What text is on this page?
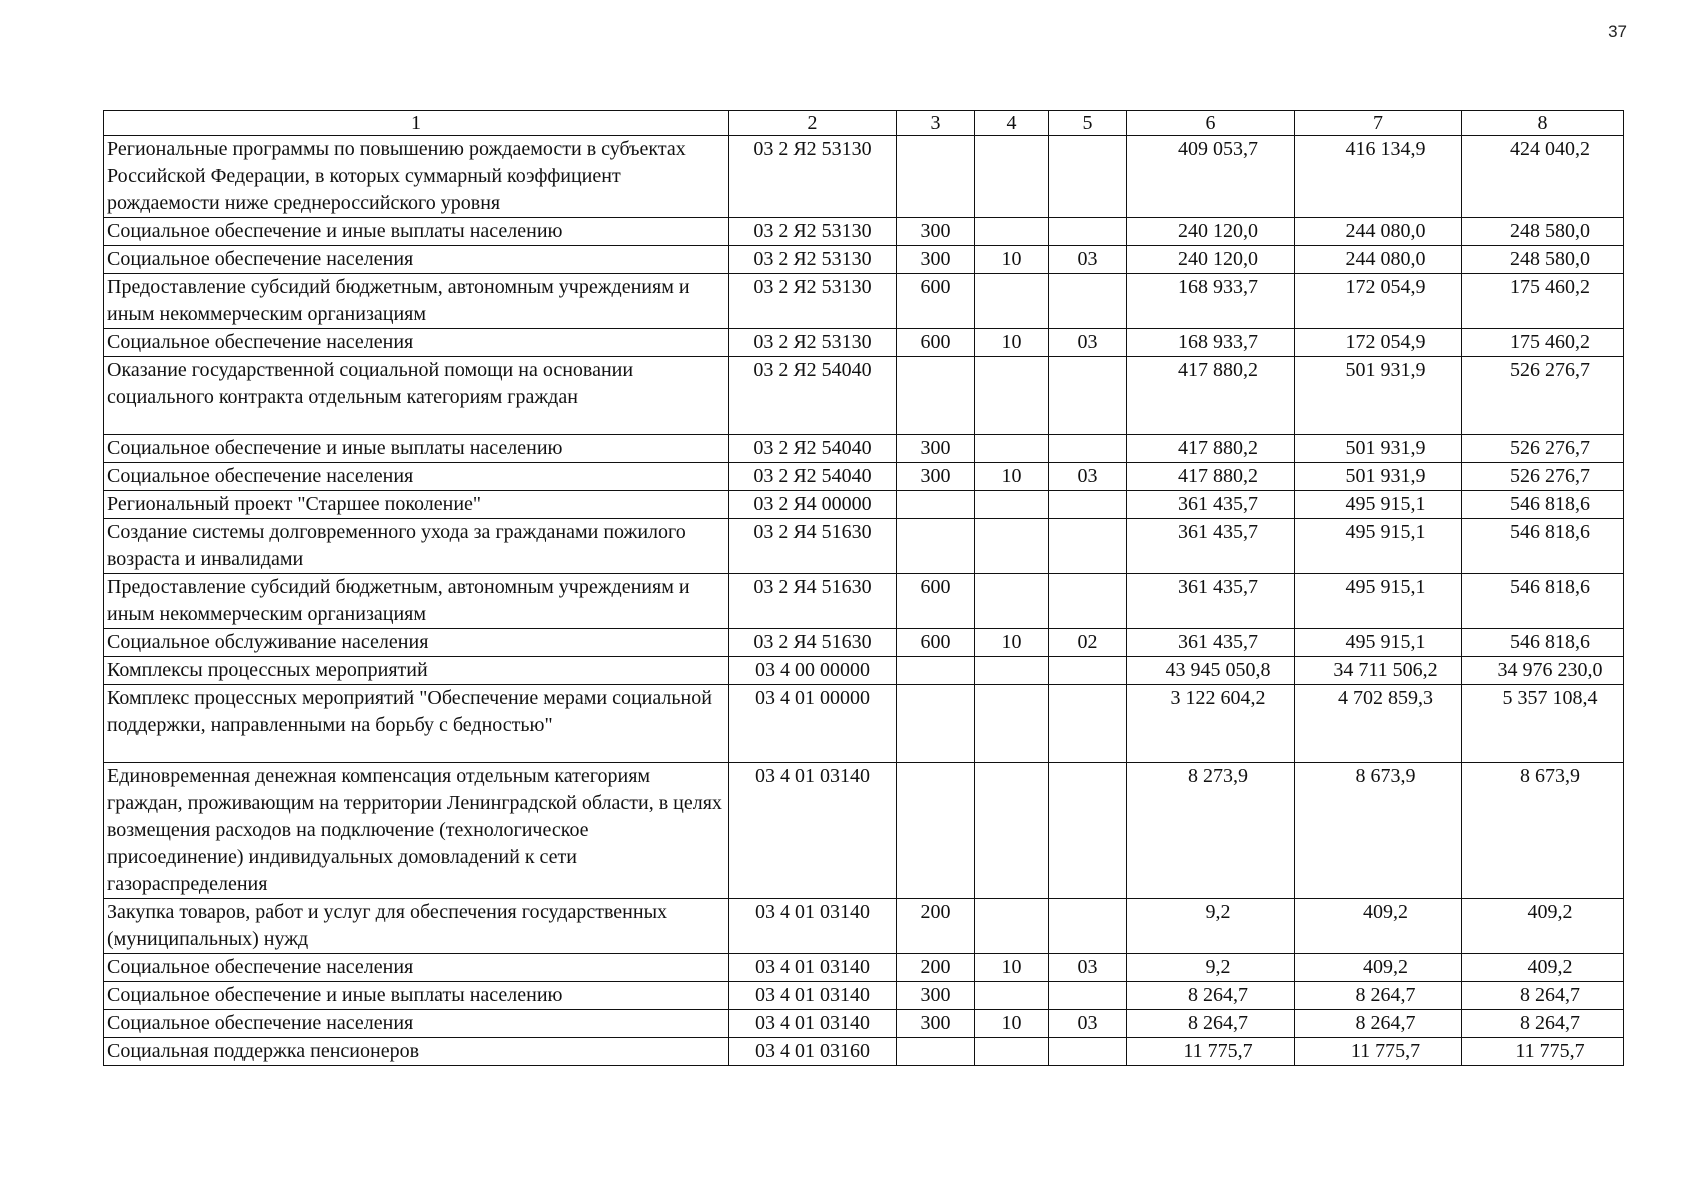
37
1	2	3	4	5	6	7	8
Региональные программы по повышению рождаемости в субъектах Российской Федерации, в которых суммарный коэффициент рождаемости ниже среднероссийского уровня	03 2 Я2 53130				409 053,7	416 134,9	424 040,2
Социальное обеспечение и иные выплаты населению	03 2 Я2 53130	300			240 120,0	244 080,0	248 580,0
Социальное обеспечение населения	03 2 Я2 53130	300	10	03	240 120,0	244 080,0	248 580,0
Предоставление субсидий бюджетным, автономным учреждениям и иным некоммерческим организациям	03 2 Я2 53130	600			168 933,7	172 054,9	175 460,2
Социальное обеспечение населения	03 2 Я2 53130	600	10	03	168 933,7	172 054,9	175 460,2
Оказание государственной социальной помощи на основании социального контракта отдельным категориям граждан	03 2 Я2 54040				417 880,2	501 931,9	526 276,7
Социальное обеспечение и иные выплаты населению	03 2 Я2 54040	300			417 880,2	501 931,9	526 276,7
Социальное обеспечение населения	03 2 Я2 54040	300	10	03	417 880,2	501 931,9	526 276,7
Региональный проект "Старшее поколение"	03 2 Я4 00000				361 435,7	495 915,1	546 818,6
Создание системы долговременного ухода за гражданами пожилого возраста и инвалидами	03 2 Я4 51630				361 435,7	495 915,1	546 818,6
Предоставление субсидий бюджетным, автономным учреждениям и иным некоммерческим организациям	03 2 Я4 51630	600			361 435,7	495 915,1	546 818,6
Социальное обслуживание населения	03 2 Я4 51630	600	10	02	361 435,7	495 915,1	546 818,6
Комплексы процессных мероприятий	03 4 00 00000				43 945 050,8	34 711 506,2	34 976 230,0
Комплекс процессных мероприятий "Обеспечение мерами социальной поддержки, направленными на борьбу с бедностью"	03 4 01 00000				3 122 604,2	4 702 859,3	5 357 108,4
Единовременная денежная компенсация отдельным категориям граждан, проживающим на территории Ленинградской области, в целях возмещения расходов на подключение (технологическое присоединение) индивидуальных домовладений к сети газораспределения	03 4 01 03140				8 273,9	8 673,9	8 673,9
Закупка товаров, работ и услуг для обеспечения государственных (муниципальных) нужд	03 4 01 03140	200			9,2	409,2	409,2
Социальное обеспечение населения	03 4 01 03140	200	10	03	9,2	409,2	409,2
Социальное обеспечение и иные выплаты населению	03 4 01 03140	300			8 264,7	8 264,7	8 264,7
Социальное обеспечение населения	03 4 01 03140	300	10	03	8 264,7	8 264,7	8 264,7
Социальная поддержка пенсионеров	03 4 01 03160				11 775,7	11 775,7	11 775,7
